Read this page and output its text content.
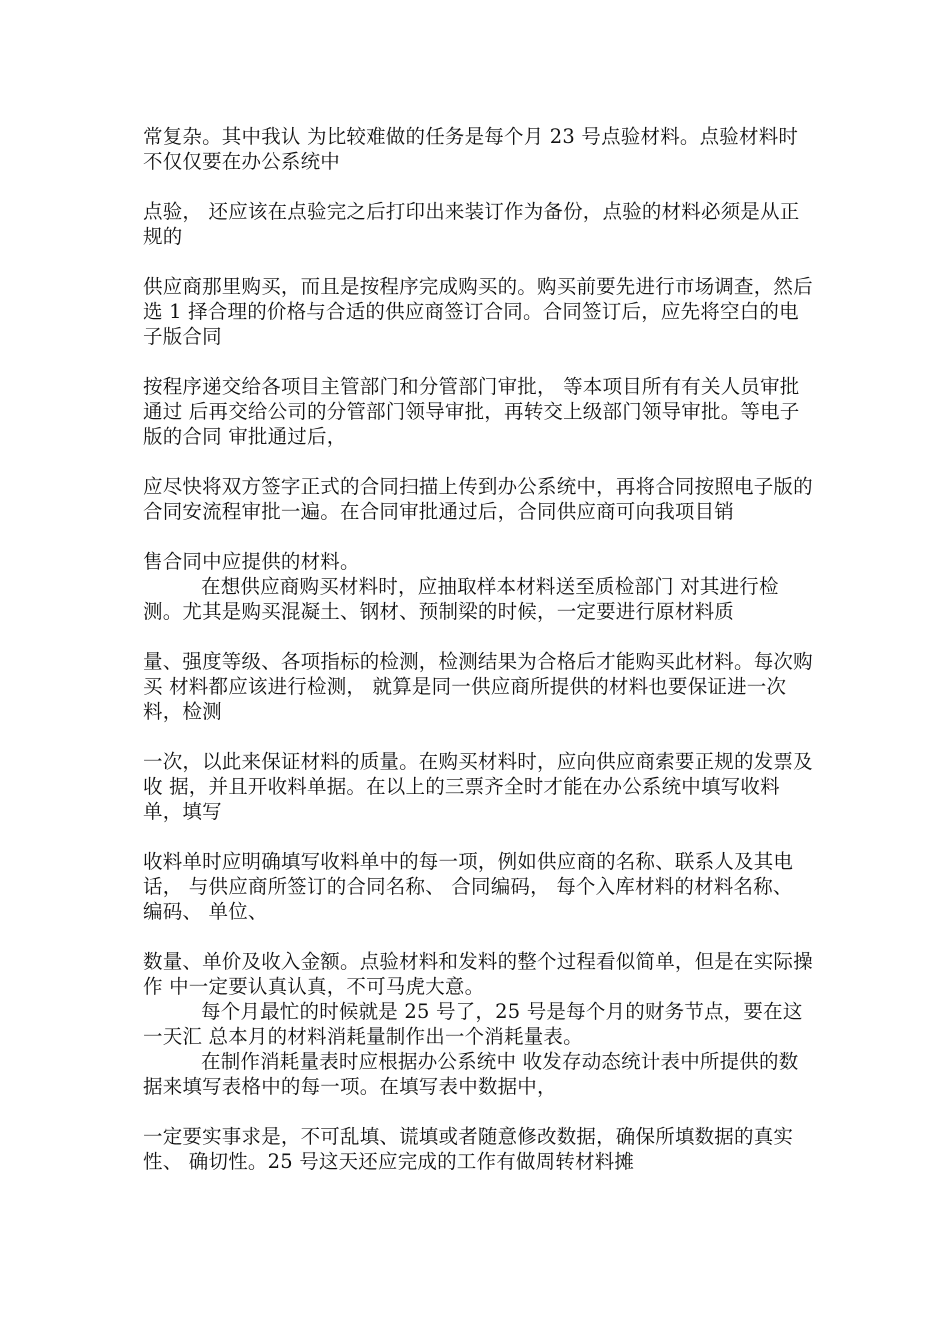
常复杂。其中我认 为比较难做的任务是每个月 23 号点验材料。点验材料时不仅仅要在办公系统中

点验， 还应该在点验完之后打印出来装订作为备份，点验的材料必须是从正规的

供应商那里购买，而且是按程序完成购买的。购买前要先进行市场调查，然后选 1 择合理的价格与合适的供应商签订合同。合同签订后，应先将空白的电子版合同

按程序递交给各项目主管部门和分管部门审批， 等本项目所有有关人员审批通过 后再交给公司的分管部门领导审批，再转交上级部门领导审批。等电子版的合同 审批通过后，

应尽快将双方签字正式的合同扫描上传到办公系统中，再将合同按照电子版的合同安流程审批一遍。在合同审批通过后，合同供应商可向我项目销

售合同中应提供的材料。

在想供应商购买材料时，应抽取样本材料送至质检部门 对其进行检测。尤其是购买混凝土、钢材、预制梁的时候，一定要进行原材料质

量、强度等级、各项指标的检测，检测结果为合格后才能购买此材料。每次购买 材料都应该进行检测， 就算是同一供应商所提供的材料也要保证进一次料，检测

一次，以此来保证材料的质量。在购买材料时，应向供应商索要正规的发票及收 据，并且开收料单据。在以上的三票齐全时才能在办公系统中填写收料单，填写

收料单时应明确填写收料单中的每一项，例如供应商的名称、联系人及其电话， 与供应商所签订的合同名称、 合同编码， 每个入库材料的材料名称、 编码、 单位、

数量、单价及收入金额。点验材料和发料的整个过程看似简单，但是在实际操作 中一定要认真认真，不可马虎大意。

每个月最忙的时候就是 25 号了，25 号是每个月的财务节点，要在这一天汇 总本月的材料消耗量制作出一个消耗量表。

在制作消耗量表时应根据办公系统中 收发存动态统计表中所提供的数据来填写表格中的每一项。在填写表中数据中，

一定要实事求是，不可乱填、谎填或者随意修改数据，确保所填数据的真实性、 确切性。25 号这天还应完成的工作有做周转材料摊
